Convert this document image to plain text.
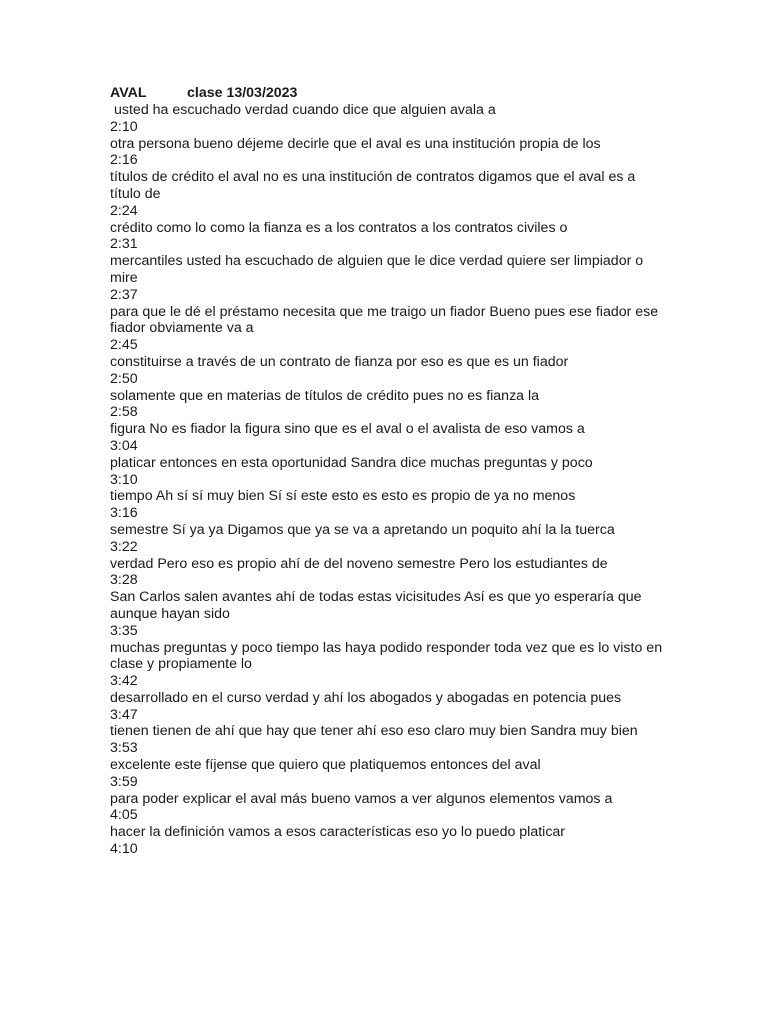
AVAL	clase 13/03/2023
usted ha escuchado verdad cuando dice que alguien avala a
2:10
otra persona bueno déjeme decirle que el aval es una institución propia de los
2:16
títulos de crédito el aval no es una institución de contratos digamos que el aval es a título de
2:24
crédito como lo como la fianza es a los contratos a los contratos civiles o
2:31
mercantiles usted ha escuchado de alguien que le dice verdad quiere ser limpiador o mire
2:37
para que le dé el préstamo necesita que me traigo un fiador Bueno pues ese fiador ese fiador obviamente va a
2:45
constituirse a través de un contrato de fianza por eso es que es un fiador
2:50
solamente que en materias de títulos de crédito pues no es fianza la
2:58
figura No es fiador la figura sino que es el aval o el avalista de eso vamos a
3:04
platicar entonces en esta oportunidad Sandra dice muchas preguntas y poco
3:10
tiempo Ah sí sí muy bien Sí sí este esto es esto es propio de ya no menos
3:16
semestre Sí ya ya Digamos que ya se va a apretando un poquito ahí la la tuerca
3:22
verdad Pero eso es propio ahí de del noveno semestre Pero los estudiantes de
3:28
San Carlos salen avantes ahí de todas estas vicisitudes Así es que yo esperaría que aunque hayan sido
3:35
muchas preguntas y poco tiempo las haya podido responder toda vez que es lo visto en clase y propiamente lo
3:42
desarrollado en el curso verdad y ahí los abogados y abogadas en potencia pues
3:47
tienen tienen de ahí que hay que tener ahí eso eso claro muy bien Sandra muy bien
3:53
excelente este fíjense que quiero que platiquemos entonces del aval
3:59
para poder explicar el aval más bueno vamos a ver algunos elementos vamos a
4:05
hacer la definición vamos a esos características eso yo lo puedo platicar
4:10
